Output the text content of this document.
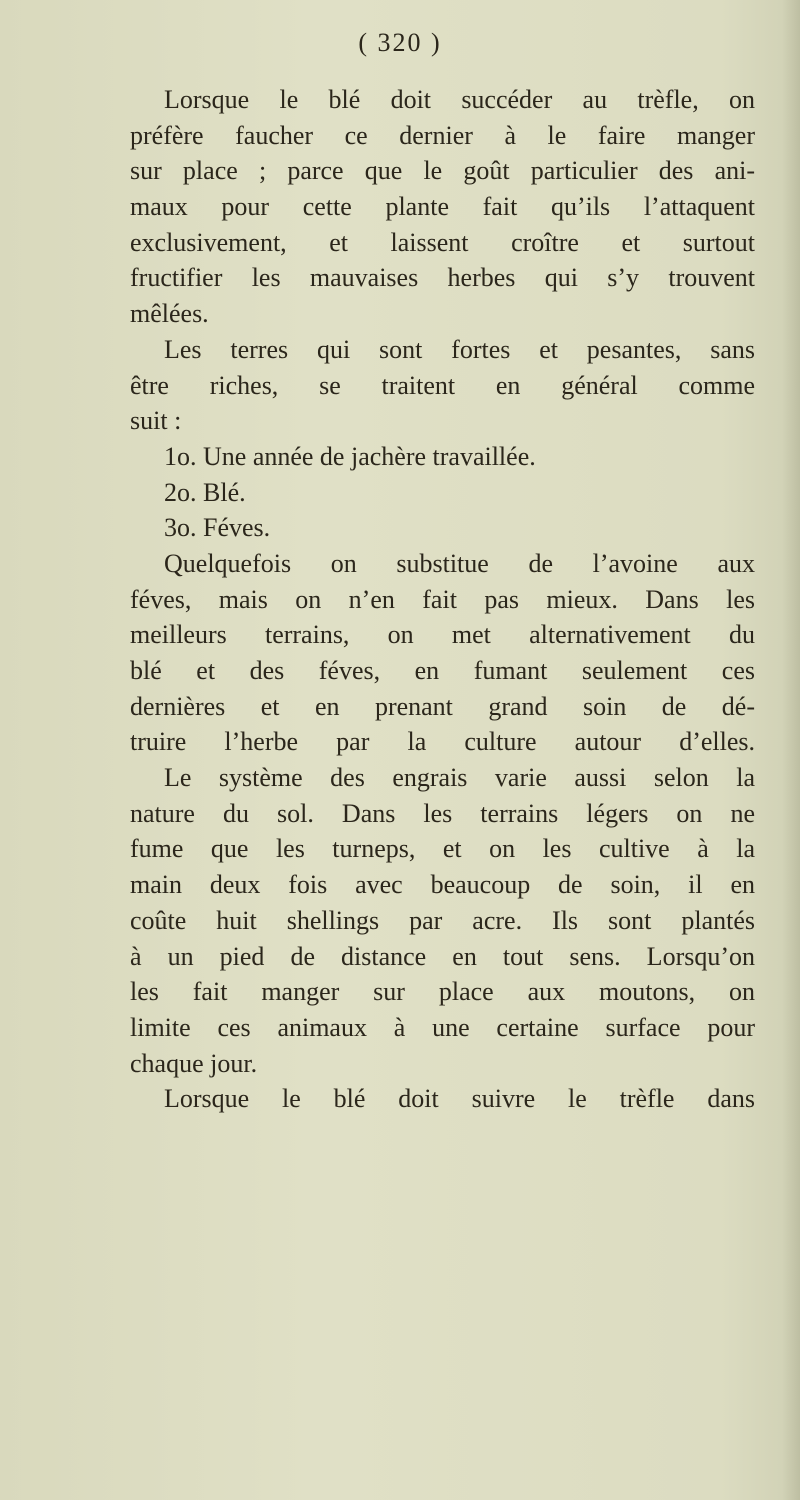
( 320 )
Lorsque le blé doit succéder au trèfle, on
préfère faucher ce dernier à le faire manger
sur place ; parce que le goût particulier des ani-
maux pour cette plante fait qu’ils l’attaquent
exclusivement, et laissent croître et surtout
fructifier les mauvaises herbes qui s’y trouvent
mêlées.
Les terres qui sont fortes et pesantes, sans
être riches, se traitent en général comme
suit :
1o. Une année de jachère travaillée.
2o. Blé.
3o. Féves.
Quelquefois on substitue de l’avoine aux
féves, mais on n’en fait pas mieux. Dans les
meilleurs terrains, on met alternativement du
blé et des féves, en fumant seulement ces
dernières et en prenant grand soin de dé-
truire l’herbe par la culture autour d’elles.
Le système des engrais varie aussi selon la
nature du sol. Dans les terrains légers on ne
fume que les turneps, et on les cultive à la
main deux fois avec beaucoup de soin, il en
coûte huit shellings par acre. Ils sont plantés
à un pied de distance en tout sens. Lorsqu’on
les fait manger sur place aux moutons, on
limite ces animaux à une certaine surface pour
chaque jour.
Lorsque le blé doit suivre le trèfle dans
